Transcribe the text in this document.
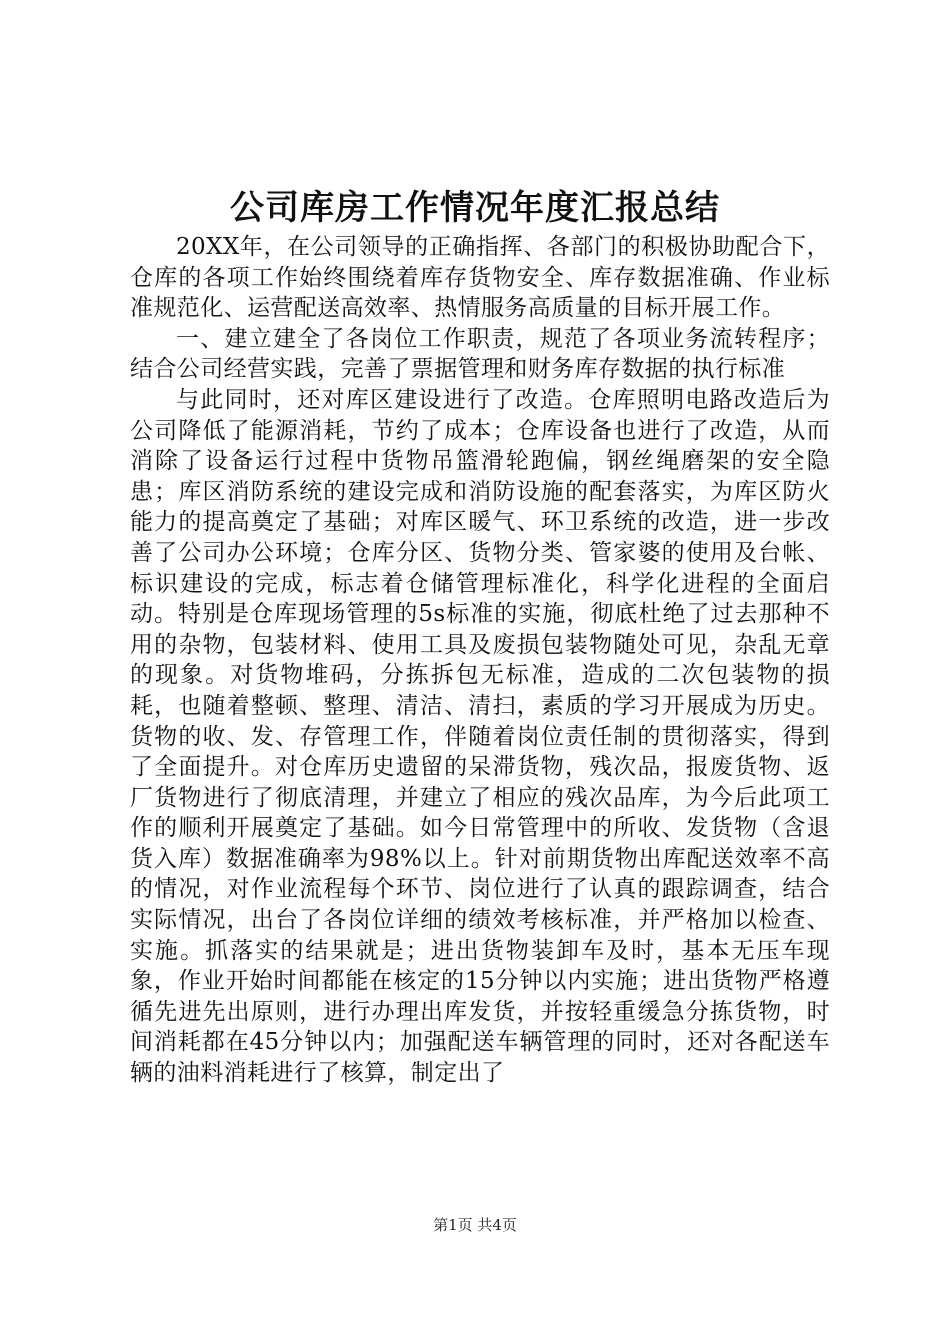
公司库房工作情况年度汇报总结

20XX年，在公司领导的正确指挥、各部门的积极协助配合下，仓库的各项工作始终围绕着库存货物安全、库存数据准确、作业标准规范化、运营配送高效率、热情服务高质量的目标开展工作。

一、建立建全了各岗位工作职责，规范了各项业务流转程序；结合公司经营实践，完善了票据管理和财务库存数据的执行标准

与此同时，还对库区建设进行了改造。仓库照明电路改造后为公司降低了能源消耗，节约了成本；仓库设备也进行了改造，从而消除了设备运行过程中货物吊篮滑轮跑偏，钢丝绳磨架的安全隐患；库区消防系统的建设完成和消防设施的配套落实，为库区防火能力的提高奠定了基础；对库区暖气、环卫系统的改造，进一步改善了公司办公环境；仓库分区、货物分类、管家婆的使用及台帐、标识建设的完成，标志着仓储管理标准化，科学化进程的全面启动。特别是仓库现场管理的5s标准的实施，彻底杜绝了过去那种不用的杂物，包装材料、使用工具及废损包装物随处可见，杂乱无章的现象。对货物堆码，分拣拆包无标准，造成的二次包装物的损耗，也随着整顿、整理、清洁、清扫，素质的学习开展成为历史。货物的收、发、存管理工作，伴随着岗位责任制的贯彻落实，得到了全面提升。对仓库历史遗留的呆滞货物，残次品，报废货物、返厂货物进行了彻底清理，并建立了相应的残次品库，为今后此项工作的顺利开展奠定了基础。如今日常管理中的所收、发货物（含退货入库）数据准确率为98%以上。针对前期货物出库配送效率不高的情况，对作业流程每个环节、岗位进行了认真的跟踪调查，结合实际情况，出台了各岗位详细的绩效考核标准，并严格加以检查、实施。抓落实的结果就是；进出货物装卸车及时，基本无压车现象，作业开始时间都能在核定的15分钟以内实施；进出货物严格遵循先进先出原则，进行办理出库发货，并按轻重缓急分拣货物，时间消耗都在45分钟以内；加强配送车辆管理的同时，还对各配送车辆的油料消耗进行了核算，制定出了

第1页 共4页
